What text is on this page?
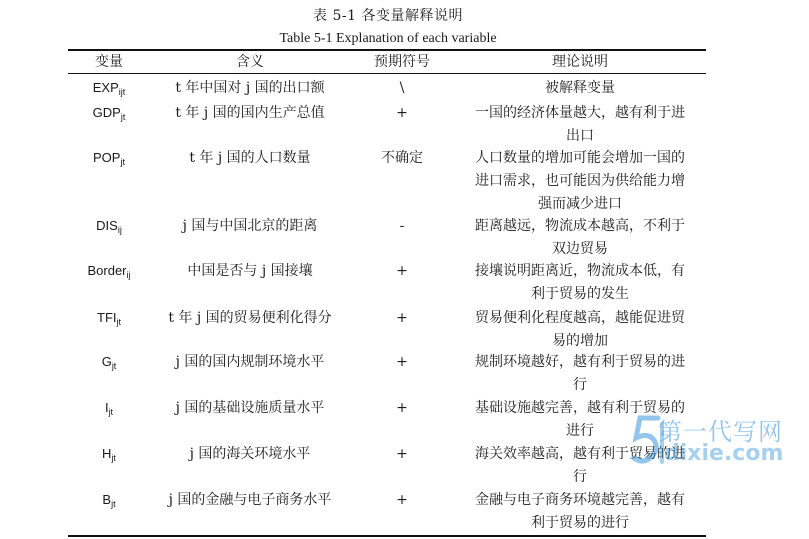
表 5-1 各变量解释说明
Table 5-1 Explanation of each variable
变量	含义	预期符号	理论说明
$EXP_{ijt}$	t 年中国对 j 国的出口额	\	被解释变量
$GDP_{jt}$	t 年 j 国的国内生产总值	+	一国的经济体量越大，越有利于进
出口
$POP_{jt}$	t 年 j 国的人口数量	不确定	人口数量的增加可能会增加一国的
进口需求，也可能因为供给能力增
强而减少进口
$DIS_{ij}$	j 国与中国北京的距离	-	距离越远，物流成本越高，不利于
双边贸易
Border$_{ij}$	中国是否与 j 国接壤	+	接壤说明距离近，物流成本低，有
利于贸易的发生
$TFI_{jt}$	t 年 j 国的贸易便利化得分	+	贸易便利化程度越高，越能促进贸
易的增加
$G_{jt}$	j 国的国内规制环境水平	+	规制环境越好，越有利于贸易的进
行
$I_{jt}$	j 国的基础设施质量水平	+	基础设施越完善，越有利于贸易的
进行
$H_{jt}$	j 国的海关环境水平	+	海关效率越高，越有利于贸易的进
行
$B_{jt}$	j 国的金融与电子商务水平	+	金融与电子商务环境越完善，越有
利于贸易的进行
第一代写网
dixie.com
